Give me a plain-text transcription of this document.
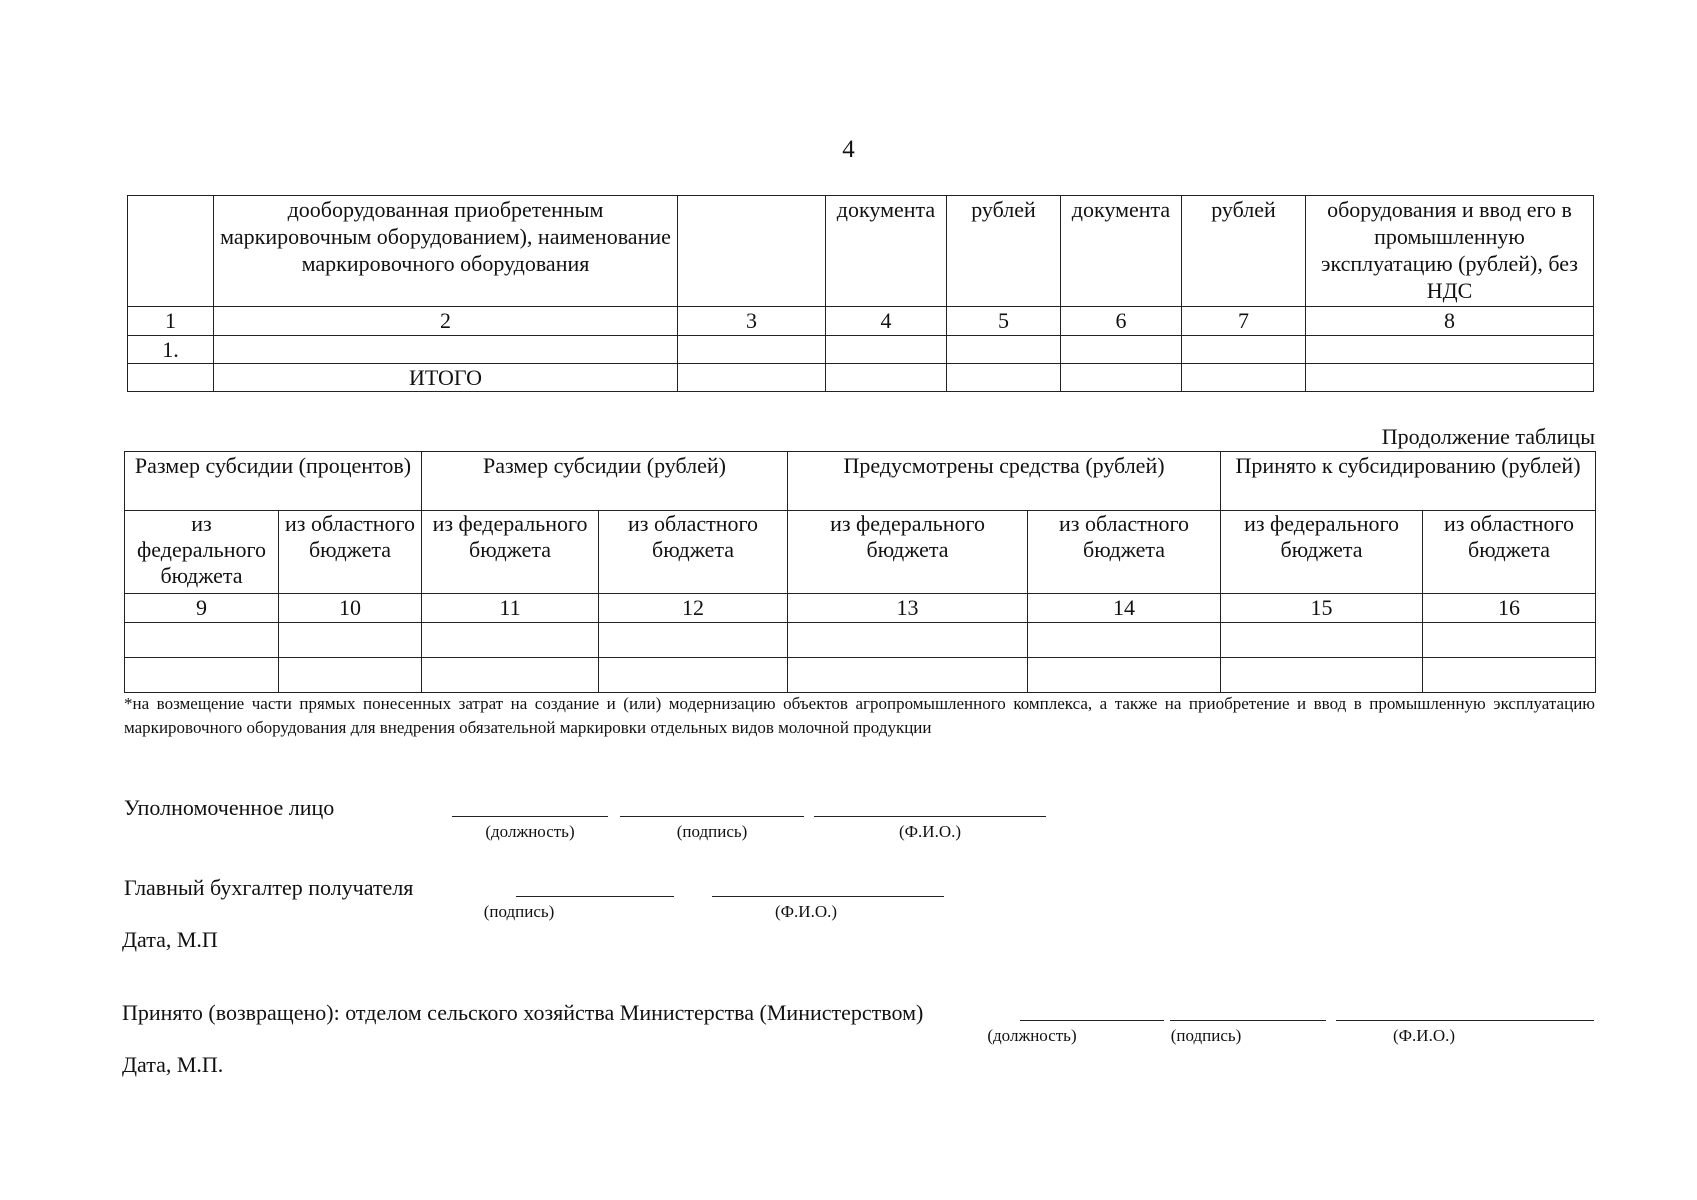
4
	дооборудованная приобретенным маркировочным оборудованием), наименование маркировочного оборудования		документа	рублей	документа	рублей	оборудования и ввод его в промышленную эксплуатацию (рублей), без НДС
1	2	3	4	5	6	7	8
1.							
	ИТОГО						
Продолжение таблицы
Размер субсидии (процентов)		Размер субсидии (рублей)		Предусмотрены средства (рублей)		Принято к субсидированию (рублей)	
из федерального бюджета	из областного бюджета	из федерального бюджета	из областного бюджета	из федерального бюджета	из областного бюджета	из федерального бюджета	из областного бюджета
9	10	11	12	13	14	15	16

*на возмещение части прямых понесенных затрат на создание и (или) модернизацию объектов агропромышленного комплекса, а также на приобретение и ввод в промышленную эксплуатацию маркировочного оборудования для внедрения обязательной маркировки отдельных видов молочной продукции
Уполномоченное лицо
(должность)	(подпись)	(Ф.И.О.)
Главный бухгалтер получателя
(подпись)	(Ф.И.О.)
Дата, М.П
Принято (возвращено): отделом сельского хозяйства Министерства (Министерством)
(должность)	(подпись)	(Ф.И.О.)
Дата, М.П.
